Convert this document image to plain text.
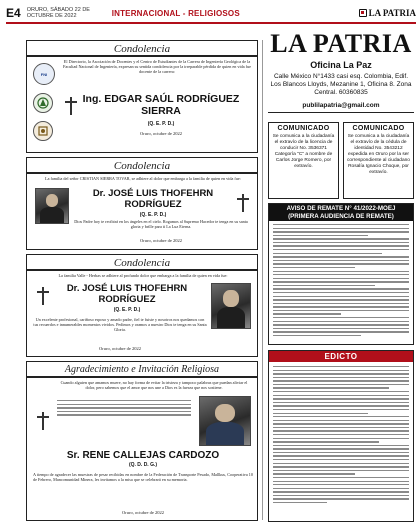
E4 ORURO, SÁBADO 22 DE OCTUBRE DE 2022	INTERNACIONAL - RELIGIOSOS	LA PATRIA
Condolencia
FNI
El Directorio, la Asociación de Docentes y el Centro de Estudiantes de la Carrera de Ingeniería Geológica de la Facultad Nacional de Ingeniería, expresan su sentida condolencia por la irreparable pérdida de quien en vida fue docente de la carrera:
Ing. EDGAR SAÚL RODRÍGUEZ SIERRA
(Q. E. P. D.)
Oruro, octubre de 2022
Condolencia
La familia del señor CRISTIAN SIERRA TOVAR, se adhiere al dolor que embarga a la familia de quien en vida fue:
Dr. JOSÉ LUIS THOFEHRN RODRÍGUEZ
(Q. E. P. D.)
Dios Padre hoy te recibirá en los ángeles en el cielo. Rogamos al Supremo Hacedor te tenga en su santa gloria y brille para ti La Luz Eterna.
Oruro, octubre de 2022
Condolencia
La familia Valle - Herbas se adhiere al profundo dolor que embarga a la familia de quien en vida fue:
Dr. JOSÉ LUIS THOFEHRN RODRÍGUEZ
(Q. E. P. D.)
Un excelente profesional, cariñoso esposo y amado padre, fiel te fuiste y nosotros nos quedamos con tus recuerdos e innumerables momentos vividos. Pedimos y oramos a nuestro Dios te tenga en su Santa Gloria.
Oruro, octubre de 2022
Agradecimiento e Invitación Religiosa
Cuando alguien que amamos muere, no hay forma de evitar la tristeza y tampoco palabras que puedan aliviar el dolor, pero sabemos que el amor que nos une a Dios es la fuerza que nos sostiene.
Sr. RENE CALLEJAS CARDOZO
(Q. D. D. G.)
A tiempo de agradecer las muestras de pesar recibidas en nombre de la Federación de Transporte Pesado, Mallkus, Cooperativa 10 de Febrero, Mancomunidad Minera, les invitamos a la misa que se celebrará en su memoria.
Oruro, octubre de 2022
LA PATRIA
Oficina La Paz
Calle México N°1433 casi esq. Colombia, Edif. Los Blancos Lloyds, Mezanine 1, Oficina 8. Zona Central. 60360835
publilapatria@gmail.com
COMUNICADO
Se comunica a la ciudadanía el extravío de la licencia de conducir No. 3536371 Categoría "C" a nombre de Carlos Jorge Romero, por extravío.
COMUNICADO
Se comunica a la ciudadanía el extravío de la cédula de identidad No. 3543212 expedida en Oruro por la ser correspondiente al ciudadano Rosalía Ignacio Choque, por extravío.
AVISO DE REMATE N° 41/2022-MOEJ
(PRIMERA AUDIENCIA DE REMATE)
EDICTO
